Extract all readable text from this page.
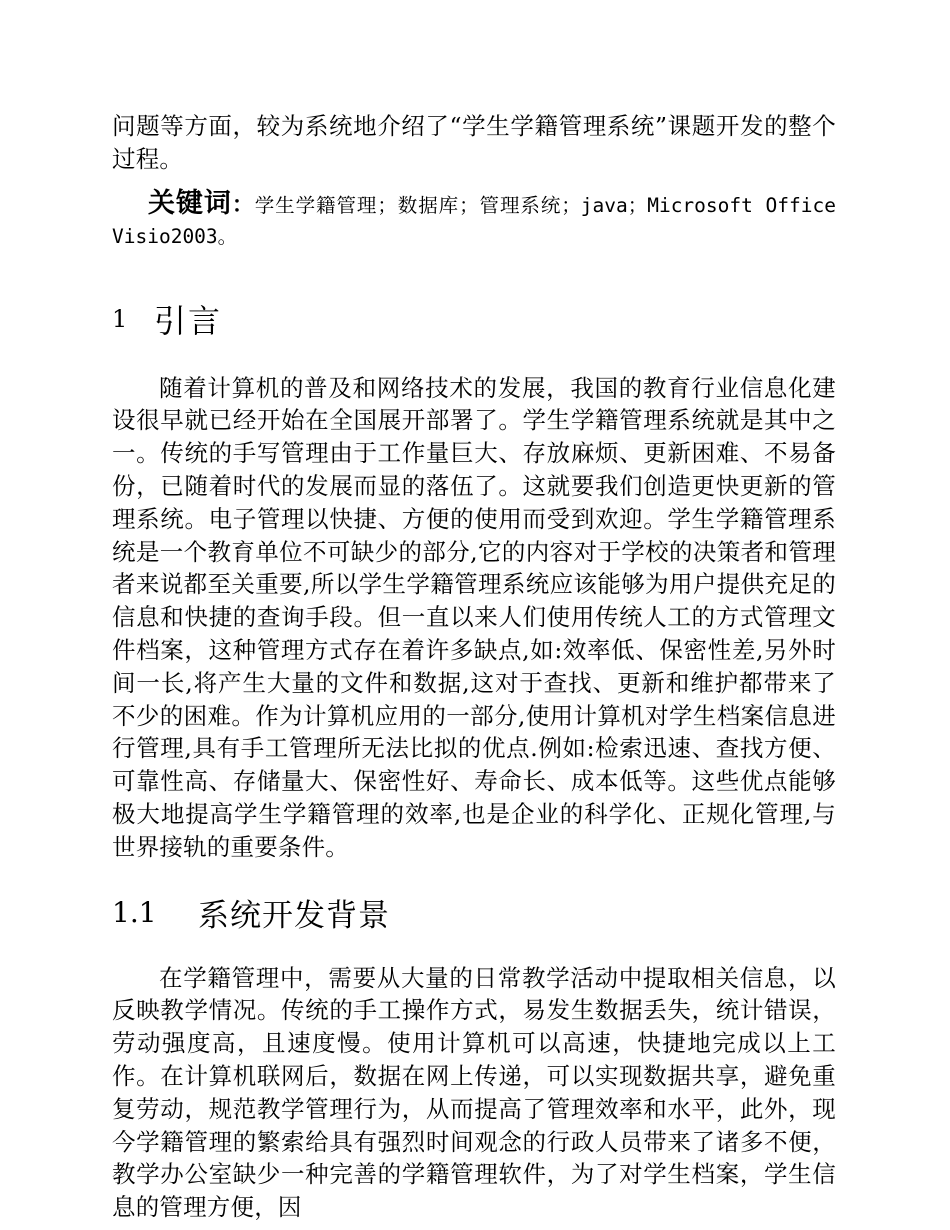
问题等方面，较为系统地介绍了“学生学籍管理系统”课题开发的整个过程。

关键词：学生学籍管理；数据库；管理系统；java；Microsoft Office Visio2003。

1 引言

随着计算机的普及和网络技术的发展，我国的教育行业信息化建设很早就已经开始在全国展开部署了。学生学籍管理系统就是其中之一。传统的手写管理由于工作量巨大、存放麻烦、更新困难、不易备份，已随着时代的发展而显的落伍了。这就要我们创造更快更新的管理系统。电子管理以快捷、方便的使用而受到欢迎。学生学籍管理系统是一个教育单位不可缺少的部分,它的内容对于学校的决策者和管理者来说都至关重要,所以学生学籍管理系统应该能够为用户提供充足的信息和快捷的查询手段。但一直以来人们使用传统人工的方式管理文件档案，这种管理方式存在着许多缺点,如:效率低、保密性差,另外时间一长,将产生大量的文件和数据,这对于查找、更新和维护都带来了不少的困难。作为计算机应用的一部分,使用计算机对学生档案信息进行管理,具有手工管理所无法比拟的优点.例如:检索迅速、查找方便、可靠性高、存储量大、保密性好、寿命长、成本低等。这些优点能够极大地提高学生学籍管理的效率,也是企业的科学化、正规化管理,与世界接轨的重要条件。

1.1	系统开发背景

在学籍管理中，需要从大量的日常教学活动中提取相关信息，以反映教学情况。传统的手工操作方式，易发生数据丢失，统计错误，劳动强度高，且速度慢。使用计算机可以高速，快捷地完成以上工作。在计算机联网后，数据在网上传递，可以实现数据共享，避免重复劳动，规范教学管理行为，从而提高了管理效率和水平，此外，现今学籍管理的繁索给具有强烈时间观念的行政人员带来了诸多不便，教学办公室缺少一种完善的学籍管理软件，为了对学生档案，学生信息的管理方便，因
